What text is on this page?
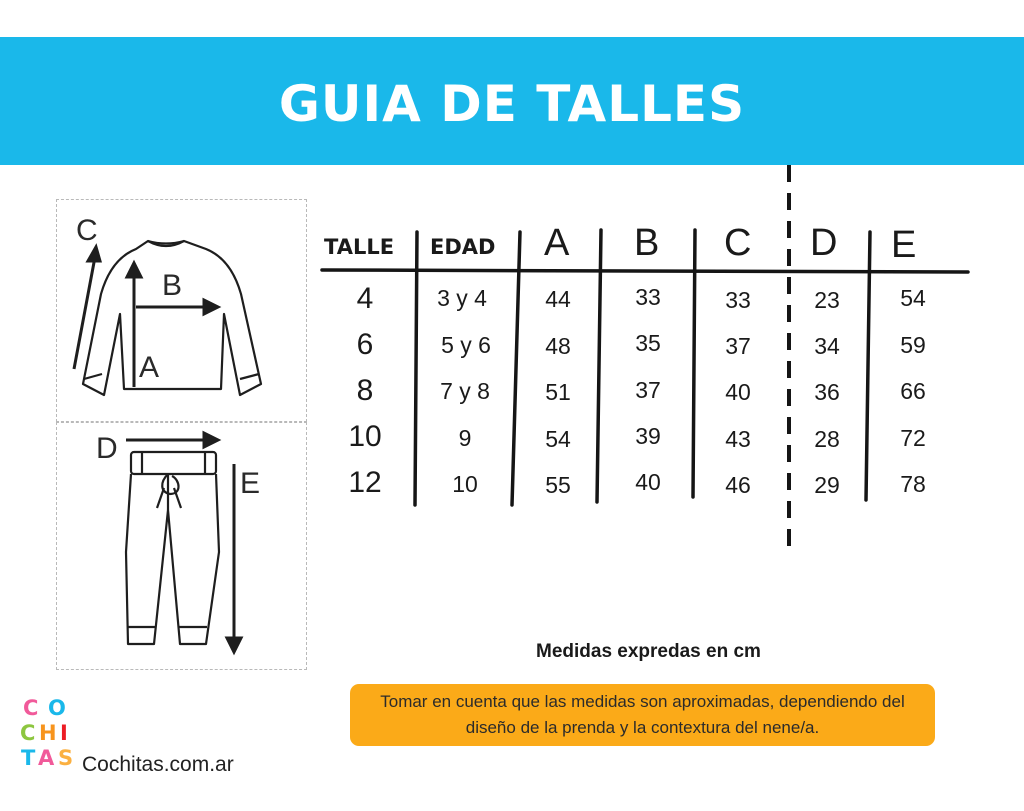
GUIA DE TALLES
C
B
A
D
E
TALLE EDAD A B C D E
4	3 y 4	44	33	33	23	54
6	5 y 6	48	35	37	34	59
8	7 y 8	51	37	40	36	66
10	9	54	39	43	28	72
12	10	55	40	46	29	78
Medidas expredas en cm
Tomar en cuenta que las medidas son aproximadas, dependiendo del diseño de la prenda y la contextura del nene/a.
C O
C H I
T A S Cochitas.com.ar
